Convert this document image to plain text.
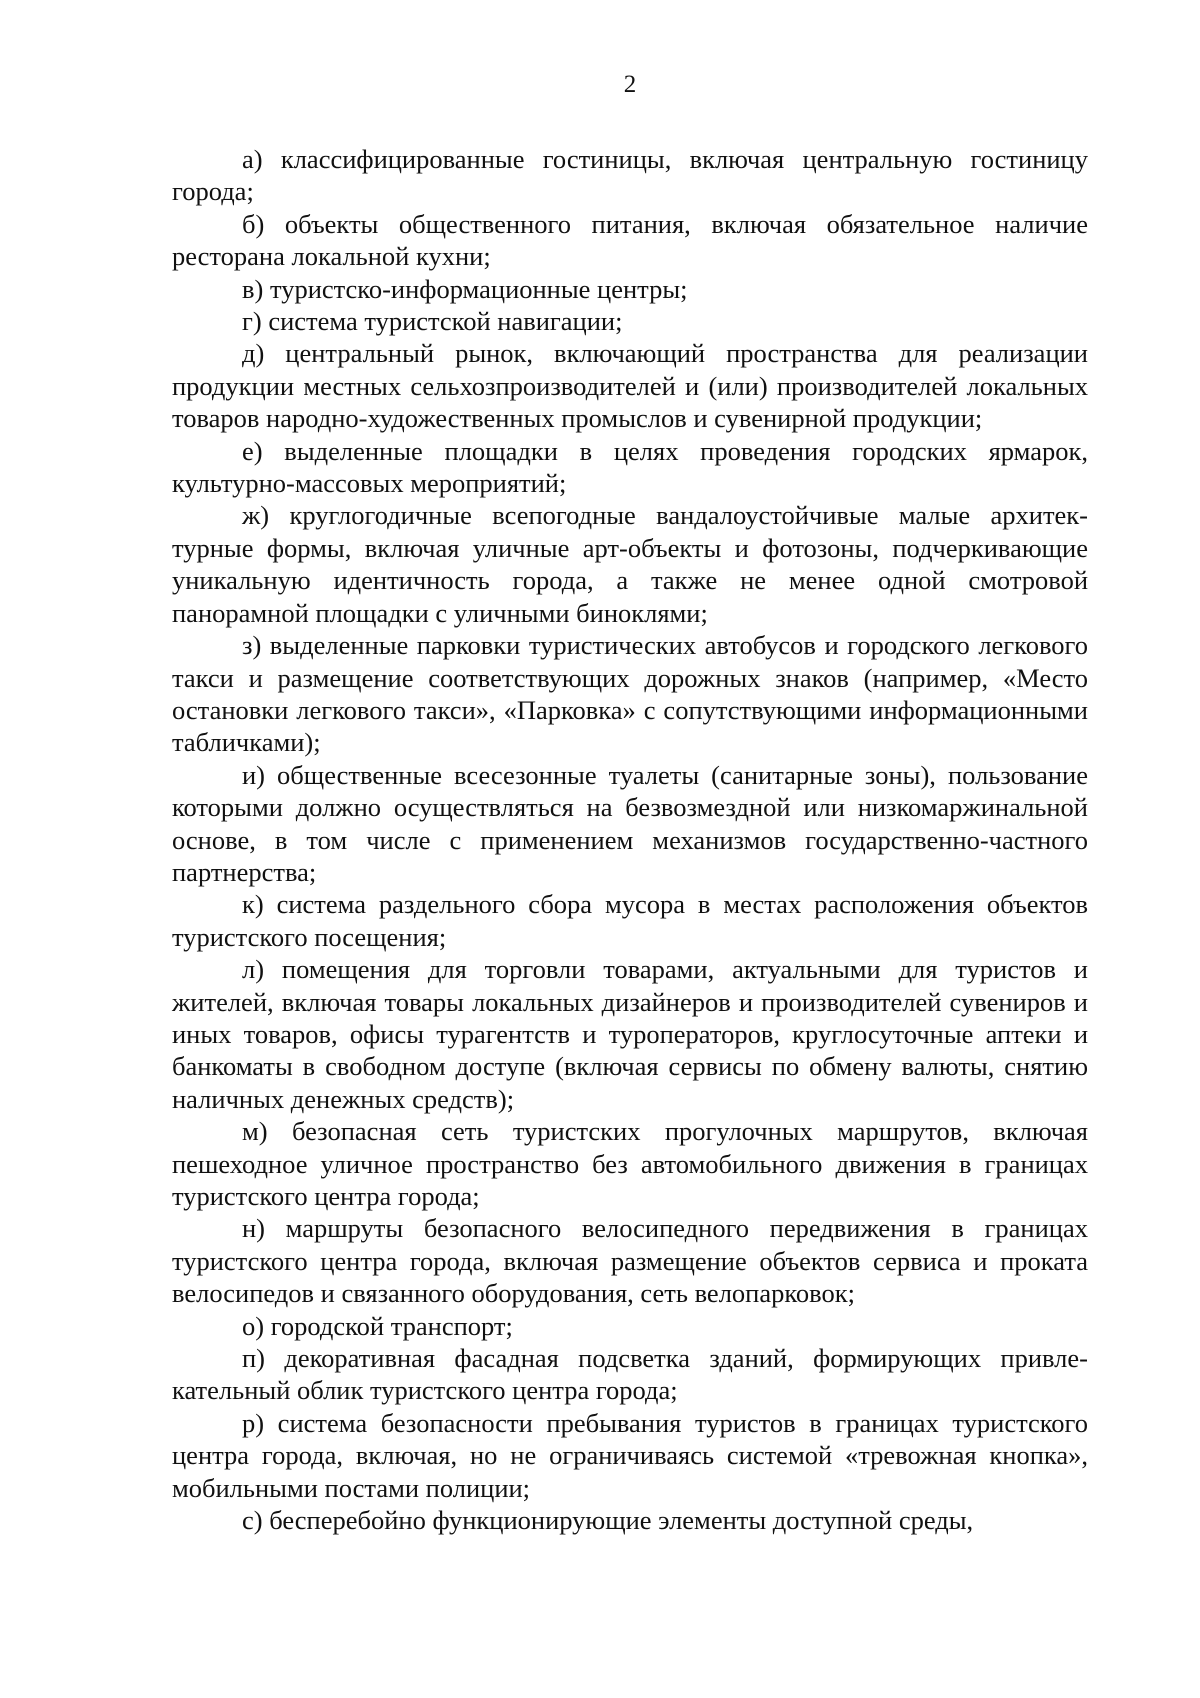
2

а) классифицированные гостиницы, включая центральную гостиницу города;

б) объекты общественного питания, включая обязательное наличие ресторана локальной кухни;

в) туристско-информационные центры;

г) система туристской навигации;

д) центральный рынок, включающий пространства для реализации продукции местных сельхозпроизводителей и (или) производителей локальных товаров народно-художественных промыслов и сувенирной продукции;

е) выделенные площадки в целях проведения городских ярмарок, культурно-массовых мероприятий;

ж) круглогодичные всепогодные вандалоустойчивые малые архитектурные формы, включая уличные арт-объекты и фотозоны, подчеркивающие уникальную идентичность города, а также не менее одной смотровой панорамной площадки с уличными биноклями;

з) выделенные парковки туристических автобусов и городского легкового такси и размещение соответствующих дорожных знаков (например, «Место остановки легкового такси», «Парковка» с сопутствующими информационными табличками);

и) общественные всесезонные туалеты (санитарные зоны), пользование которыми должно осуществляться на безвозмездной или низкомаржинальной основе, в том числе с применением механизмов государственно-частного партнерства;

к) система раздельного сбора мусора в местах расположения объектов туристского посещения;

л) помещения для торговли товарами, актуальными для туристов и жителей, включая товары локальных дизайнеров и производителей сувениров и иных товаров, офисы турагентств и туроператоров, круглосуточные аптеки и банкоматы в свободном доступе (включая сервисы по обмену валюты, снятию наличных денежных средств);

м) безопасная сеть туристских прогулочных маршрутов, включая пешеходное уличное пространство без автомобильного движения в границах туристского центра города;

н) маршруты безопасного велосипедного передвижения в границах туристского центра города, включая размещение объектов сервиса и проката велосипедов и связанного оборудования, сеть велопарковок;

о) городской транспорт;

п) декоративная фасадная подсветка зданий, формирующих привлекательный облик туристского центра города;

р) система безопасности пребывания туристов в границах туристского центра города, включая, но не ограничиваясь системой «тревожная кнопка», мобильными постами полиции;

с) бесперебойно функционирующие элементы доступной среды,
